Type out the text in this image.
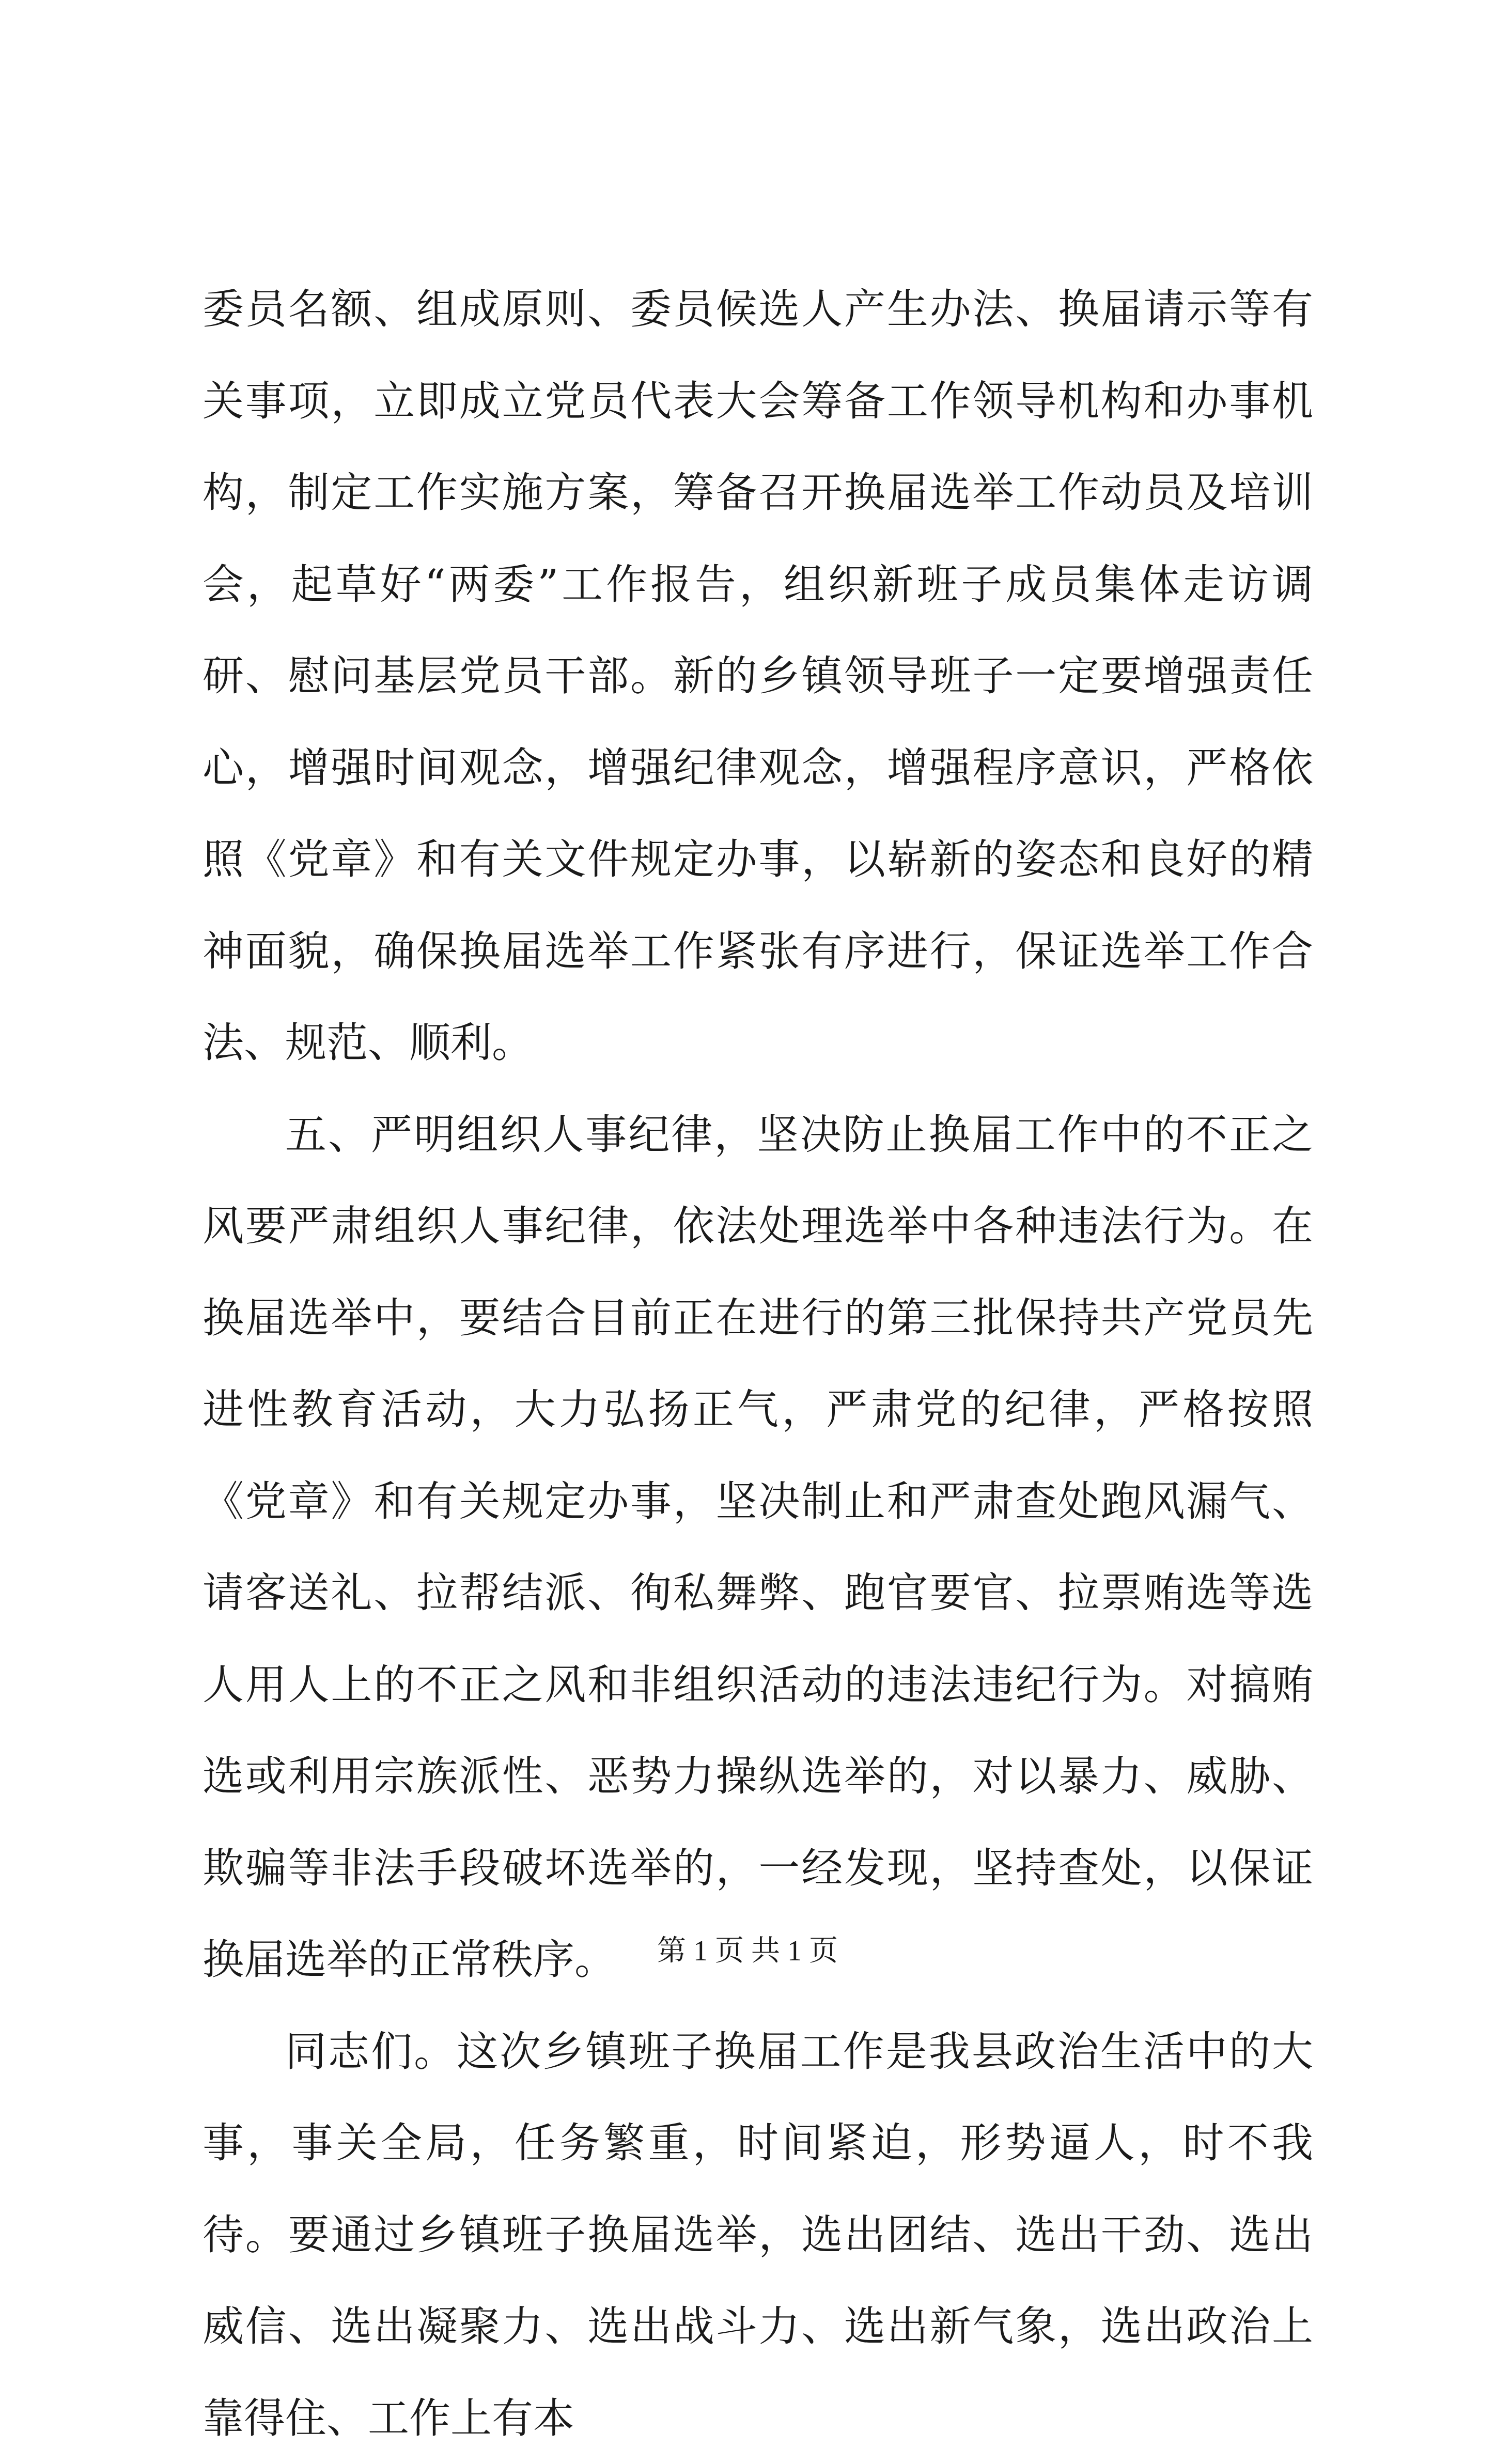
委员名额、组成原则、委员候选人产生办法、换届请示等有关事项，立即成立党员代表大会筹备工作领导机构和办事机构，制定工作实施方案，筹备召开换届选举工作动员及培训会，起草好“两委”工作报告，组织新班子成员集体走访调研、慰问基层党员干部。新的乡镇领导班子一定要增强责任心，增强时间观念，增强纪律观念，增强程序意识，严格依照《党章》和有关文件规定办事，以崭新的姿态和良好的精神面貌，确保换届选举工作紧张有序进行，保证选举工作合法、规范、顺利。

五、严明组织人事纪律，坚决防止换届工作中的不正之风要严肃组织人事纪律，依法处理选举中各种违法行为。在换届选举中，要结合目前正在进行的第三批保持共产党员先进性教育活动，大力弘扬正气，严肃党的纪律，严格按照《党章》和有关规定办事，坚决制止和严肃查处跑风漏气、请客送礼、拉帮结派、徇私舞弊、跑官要官、拉票贿选等选人用人上的不正之风和非组织活动的违法违纪行为。对搞贿选或利用宗族派性、恶势力操纵选举的，对以暴力、威胁、欺骗等非法手段破坏选举的，一经发现，坚持查处，以保证换届选举的正常秩序。

同志们。这次乡镇班子换届工作是我县政治生活中的大事，事关全局，任务繁重，时间紧迫，形势逼人，时不我待。要通过乡镇班子换届选举，选出团结、选出干劲、选出威信、选出凝聚力、选出战斗力、选出新气象，选出政治上靠得住、工作上有本

第 1 页 共 1 页
